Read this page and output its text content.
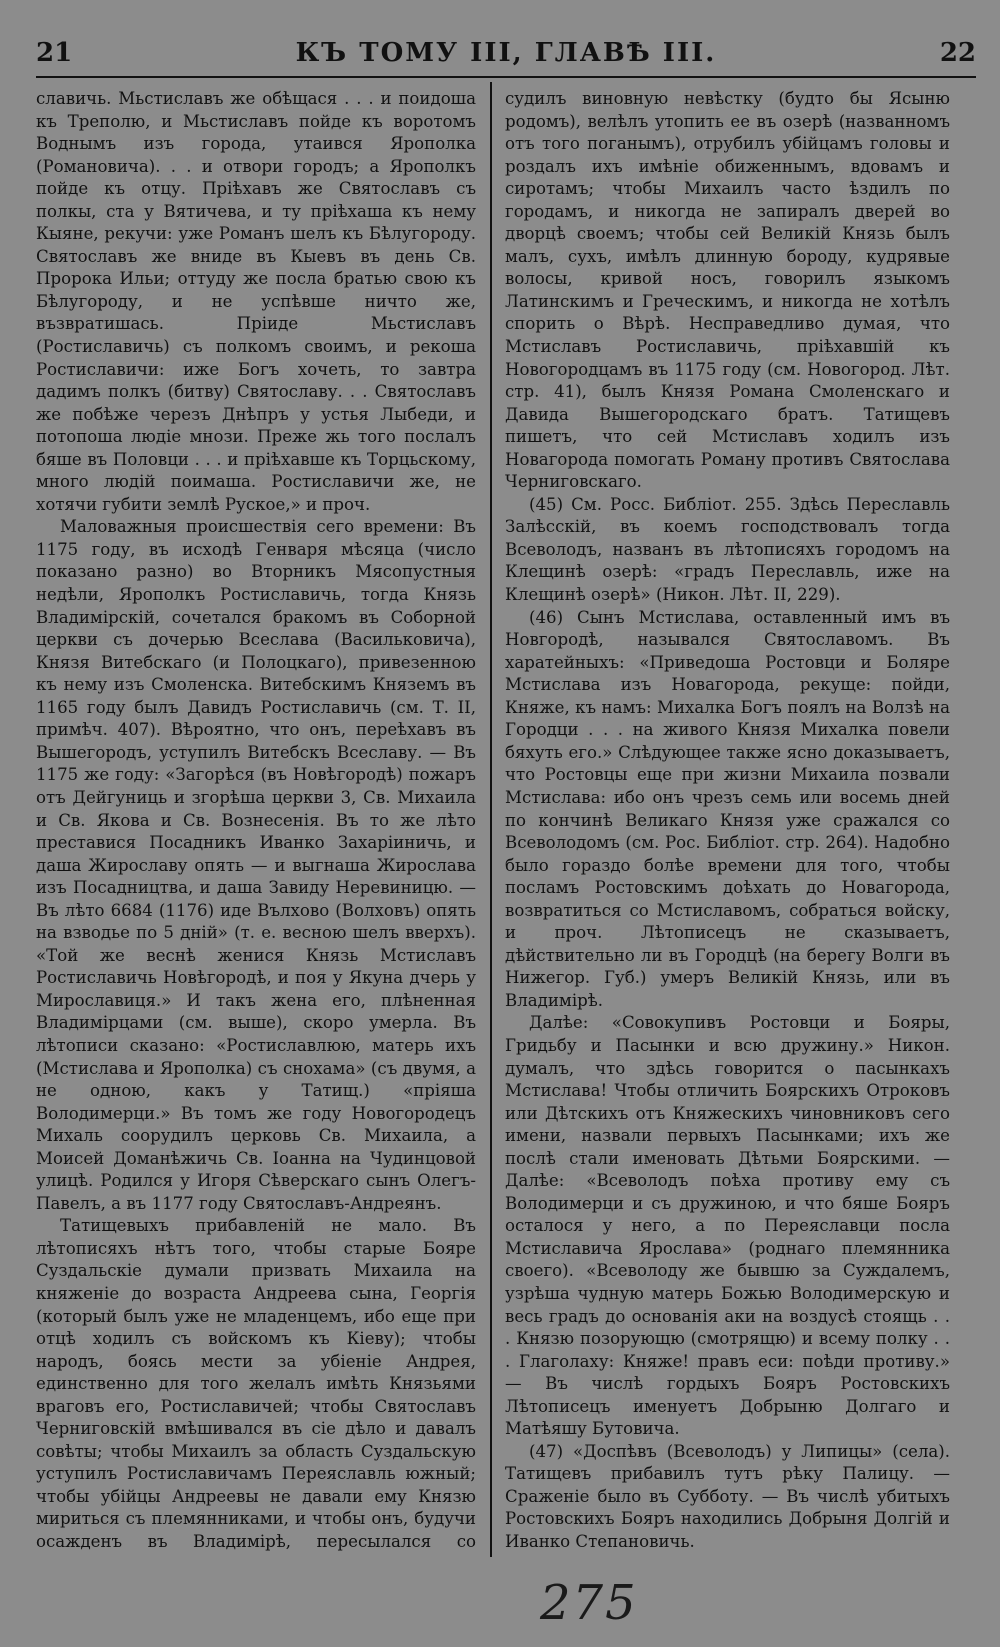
21	КЪ ТОМУ III, ГЛАВѢ III.	22

славичь. Мьстиславъ же обѣщася . . . и поидоша къ Треполю, и Мьстиславъ пойде къ воротомъ Воднымъ изъ города, утаився Ярополка (Романовича). . . и отвори городъ; а Ярополкъ пойде къ отцу. Пріѣхавъ же Святославъ съ полкы, ста у Вятичева, и ту пріѣхаша къ нему Кыяне, рекучи: уже Романъ шелъ къ Бѣлугороду. Святославъ же вниде въ Кыевъ въ день Св. Пророка Ильи; оттуду же посла братью свою къ Бѣлугороду, и не успѣвше ничто же, възвратишась. Пріиде Мьстиславъ (Ростиславичь) съ полкомъ своимъ, и рекоша Ростиславичи: иже Богъ хочеть, то завтра дадимъ полкъ (битву) Святославу. . . Святославъ же побѣже черезъ Днѣпръ у устья Лыбеди, и потопоша людіе мнози. Преже жь того послалъ бяше въ Половци . . . и пріѣхавше къ Торцьскому, много людій поимаша. Ростиславичи же, не хотячи губити землѣ Руское,» и проч.

Маловажныя происшествія сего времени: Въ 1175 году, въ исходѣ Генваря мѣсяца (число показано разно) во Вторникъ Мясопустныя недѣли, Ярополкъ Ростиславичь, тогда Князь Владимірскій, сочетался бракомъ въ Соборной церкви съ дочерью Всеслава (Васильковича), Князя Витебскаго (и Полоцкаго), привезенною къ нему изъ Смоленска. Витебскимъ Княземъ въ 1165 году былъ Давидъ Ростиславичь (см. Т. II, примѣч. 407). Вѣроятно, что онъ, переѣхавъ въ Вышегородъ, уступилъ Витебскъ Всеславу. — Въ 1175 же году: «Загорѣся (въ Новѣгородѣ) пожаръ отъ Дейгуниць и згорѣша церкви 3, Св. Михаила и Св. Якова и Св. Вознесенія. Въ то же лѣто преставися Посадникъ Иванко Захаріиничь, и даша Жирославу опять — и выгнаша Жирослава изъ Посадництва, и даша Завиду Неревиницю. — Въ лѣто 6684 (1176) иде Вълхово (Волховъ) опять на взводье по 5 дній» (т. е. весною шелъ вверхъ). «Той же веснѣ женися Князь Мстиславъ Ростиславичь Новѣгородѣ, и поя у Якуна дчерь у Мирославиця.» И такъ жена его, плѣненная Владимірцами (см. выше), скоро умерла. Въ лѣтописи сказано: «Ростиславлюю, матерь ихъ (Мстислава и Ярополка) съ снохама» (съ двумя, а не одною, какъ у Татищ.) «пріяша Володимерци.» Въ томъ же году Новогородецъ Михаль соорудилъ церковь Св. Михаила, а Моисей Доманѣжичь Св. Іоанна на Чудинцовой улицѣ. Родился у Игоря Сѣверскаго сынъ Олегъ-Павелъ, а въ 1177 году Святославъ-Андреянъ.

Татищевыхъ прибавленій не мало. Въ лѣтописяхъ нѣтъ того, чтобы старые Бояре Суздальскіе думали призвать Михаила на княженіе до возраста Андреева сына, Георгія (который былъ уже не младенцемъ, ибо еще при отцѣ ходилъ съ войскомъ къ Кіеву); чтобы народъ, боясь мести за убіеніе Андрея, единственно для того желалъ имѣть Князьями враговъ его, Ростиславичей; чтобы Святославъ Черниговскій вмѣшивался въ сіе дѣло и давалъ совѣты; чтобы Михаилъ за область Суздальскую уступилъ Ростиславичамъ Переяславль южный; чтобы убійцы Андреевы не давали ему Князю мириться съ племянниками, и чтобы онъ, будучи осажденъ въ Владимірѣ, пересылался со

судилъ виновную невѣстку (будто бы Ясыню родомъ), велѣлъ утопить ее въ озерѣ (названномъ отъ того поганымъ), отрубилъ убійцамъ головы и роздалъ ихъ имѣніе обиженнымъ, вдовамъ и сиротамъ; чтобы Михаилъ часто ѣздилъ по городамъ, и никогда не запиралъ дверей во дворцѣ своемъ; чтобы сей Великій Князь былъ малъ, сухъ, имѣлъ длинную бороду, кудрявые волосы, кривой носъ, говорилъ языкомъ Латинскимъ и Греческимъ, и никогда не хотѣлъ спорить о Вѣрѣ. Несправедливо думая, что Мстиславъ Ростиславичь, пріѣхавшій къ Новогородцамъ въ 1175 году (см. Новогород. Лѣт. стр. 41), былъ Князя Романа Смоленскаго и Давида Вышегородскаго братъ. Татищевъ пишетъ, что сей Мстиславъ ходилъ изъ Новагорода помогать Роману противъ Святослава Черниговскаго.

(45) См. Росс. Библіот. 255. Здѣсь Переславль Залѣсскій, въ коемъ господствовалъ тогда Всеволодъ, названъ въ лѣтописяхъ городомъ на Клещинѣ озерѣ: «градъ Переславль, иже на Клещинѣ озерѣ» (Никон. Лѣт. II, 229).

(46) Сынъ Мстислава, оставленный имъ въ Новгородѣ, назывался Святославомъ. Въ харатейныхъ: «Приведоша Ростовци и Боляре Мстислава изъ Новагорода, рекуще: пойди, Княже, къ намъ: Михалка Богъ поялъ на Волзѣ на Городци . . . на живого Князя Михалка повели бяхуть его.» Слѣдующее также ясно доказываетъ, что Ростовцы еще при жизни Михаила позвали Мстислава: ибо онъ чрезъ семь или восемь дней по кончинѣ Великаго Князя уже сражался со Всеволодомъ (см. Рос. Библіот. стр. 264). Надобно было гораздо болѣе времени для того, чтобы посламъ Ростовскимъ доѣхать до Новагорода, возвратиться со Мстиславомъ, собраться войску, и проч. Лѣтописецъ не сказываетъ, дѣйствительно ли въ Городцѣ (на берегу Волги въ Нижегор. Губ.) умеръ Великій Князь, или въ Владимірѣ.

Далѣе: «Совокупивъ Ростовци и Бояры, Гридьбу и Пасынки и всю дружину.» Никон. думалъ, что здѣсь говорится о пасынкахъ Мстислава! Чтобы отличить Боярскихъ Отроковъ или Дѣтскихъ отъ Княжескихъ чиновниковъ сего имени, назвали первыхъ Пасынками; ихъ же послѣ стали именовать Дѣтьми Боярскими. — Далѣе: «Всеволодъ поѣха противу ему съ Володимерци и съ дружиною, и что бяше Бояръ осталося у него, а по Переяславци посла Мстиславича Ярослава» (роднаго племянника своего). «Всеволоду же бывшю за Суждалемъ, узрѣша чудную матерь Божью Володимерскую и весь градъ до основанія аки на воздусѣ стоящь . . . Князю позорующю (смотрящю) и всему полку . . . Глаголаху: Княже! правъ еси: поѣди противу.» — Въ числѣ гордыхъ Бояръ Ростовскихъ Лѣтописецъ именуетъ Добрыню Долгаго и Матѣяшу Бутовича.

(47) «Доспѣвъ (Всеволодъ) у Липицы» (села). Татищевъ прибавилъ тутъ рѣку Палицу. — Сраженіе было въ Субботу. — Въ числѣ убитыхъ Ростовскихъ Бояръ находились Добрыня Долгій и Иванко Степановичь.

275
